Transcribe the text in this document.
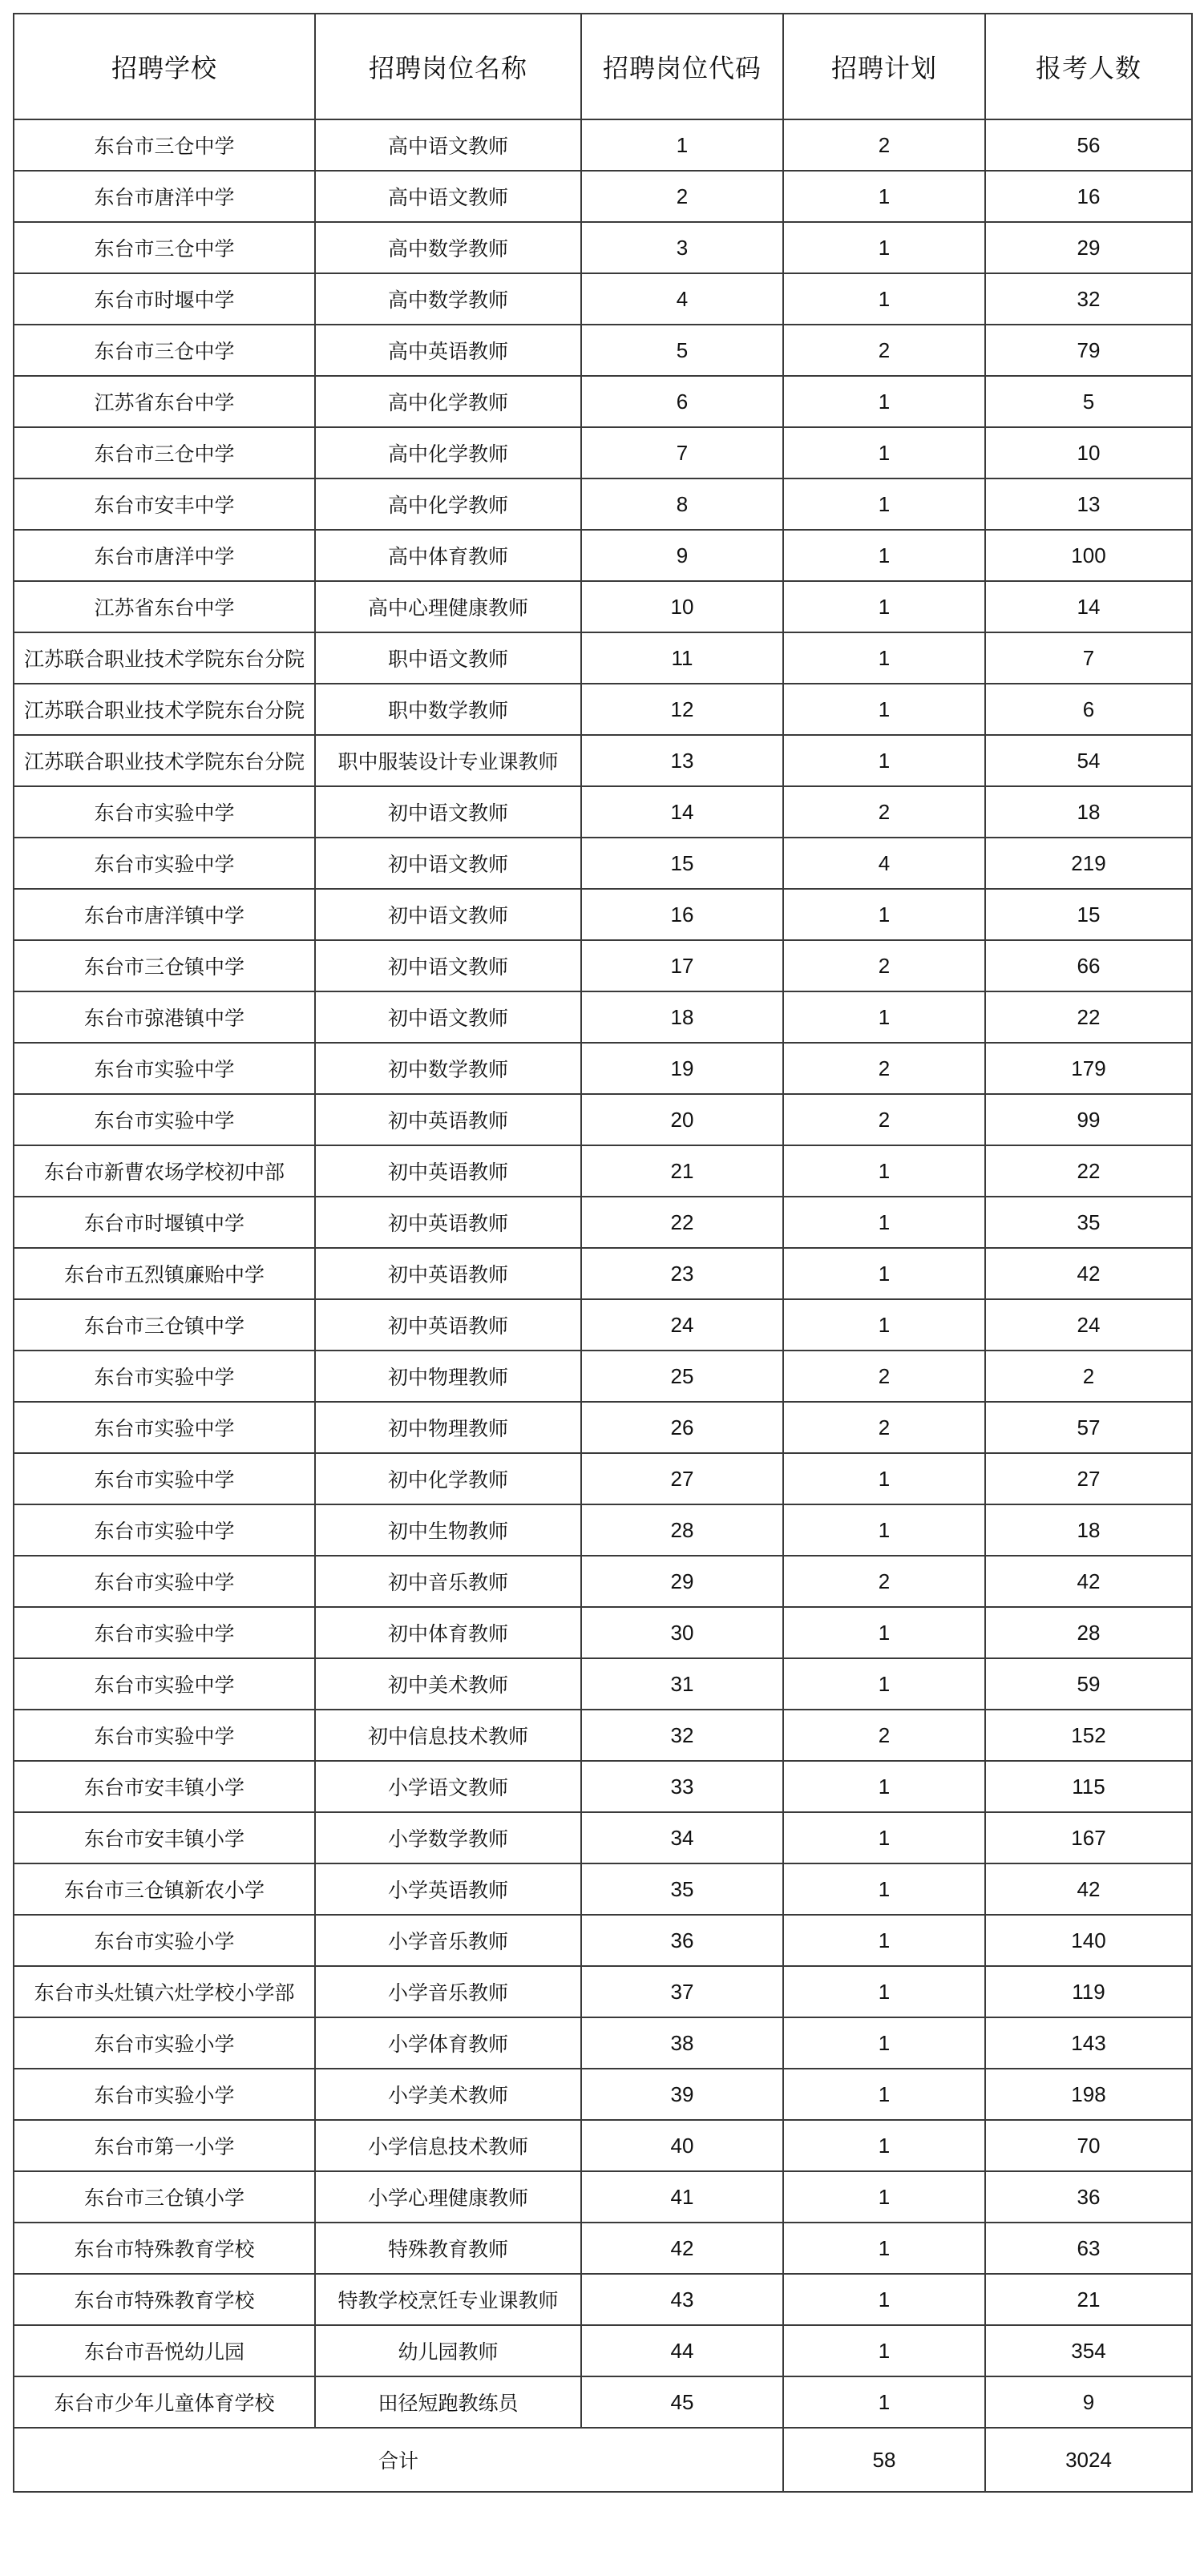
招聘学校	招聘岗位名称	招聘岗位代码	招聘计划	报考人数
东台市三仓中学	高中语文教师	1	2	56
东台市唐洋中学	高中语文教师	2	1	16
东台市三仓中学	高中数学教师	3	1	29
东台市时堰中学	高中数学教师	4	1	32
东台市三仓中学	高中英语教师	5	2	79
江苏省东台中学	高中化学教师	6	1	5
东台市三仓中学	高中化学教师	7	1	10
东台市安丰中学	高中化学教师	8	1	13
东台市唐洋中学	高中体育教师	9	1	100
江苏省东台中学	高中心理健康教师	10	1	14
江苏联合职业技术学院东台分院	职中语文教师	11	1	7
江苏联合职业技术学院东台分院	职中数学教师	12	1	6
江苏联合职业技术学院东台分院	职中服装设计专业课教师	13	1	54
东台市实验中学	初中语文教师	14	2	18
东台市实验中学	初中语文教师	15	4	219
东台市唐洋镇中学	初中语文教师	16	1	15
东台市三仓镇中学	初中语文教师	17	2	66
东台市弶港镇中学	初中语文教师	18	1	22
东台市实验中学	初中数学教师	19	2	179
东台市实验中学	初中英语教师	20	2	99
东台市新曹农场学校初中部	初中英语教师	21	1	22
东台市时堰镇中学	初中英语教师	22	1	35
东台市五烈镇廉贻中学	初中英语教师	23	1	42
东台市三仓镇中学	初中英语教师	24	1	24
东台市实验中学	初中物理教师	25	2	2
东台市实验中学	初中物理教师	26	2	57
东台市实验中学	初中化学教师	27	1	27
东台市实验中学	初中生物教师	28	1	18
东台市实验中学	初中音乐教师	29	2	42
东台市实验中学	初中体育教师	30	1	28
东台市实验中学	初中美术教师	31	1	59
东台市实验中学	初中信息技术教师	32	2	152
东台市安丰镇小学	小学语文教师	33	1	115
东台市安丰镇小学	小学数学教师	34	1	167
东台市三仓镇新农小学	小学英语教师	35	1	42
东台市实验小学	小学音乐教师	36	1	140
东台市头灶镇六灶学校小学部	小学音乐教师	37	1	119
东台市实验小学	小学体育教师	38	1	143
东台市实验小学	小学美术教师	39	1	198
东台市第一小学	小学信息技术教师	40	1	70
东台市三仓镇小学	小学心理健康教师	41	1	36
东台市特殊教育学校	特殊教育教师	42	1	63
东台市特殊教育学校	特教学校烹饪专业课教师	43	1	21
东台市吾悦幼儿园	幼儿园教师	44	1	354
东台市少年儿童体育学校	田径短跑教练员	45	1	9
合计			58	3024
